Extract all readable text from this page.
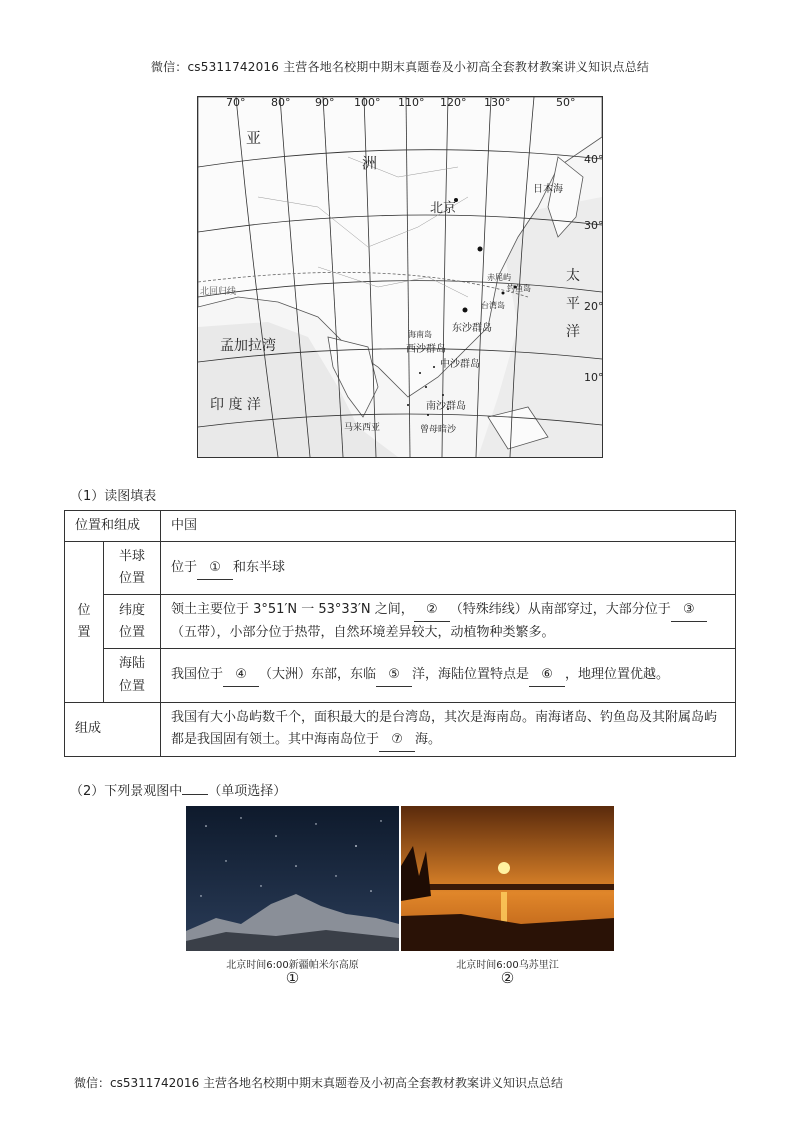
微信：cs5311742016 主营各地名校期中期末真题卷及小初高全套教材教案讲义知识点总结
70° 80° 90° 100° 110° 120° 130°	50°
40°
30°
20°
10°
亚
洲
北京
日本海
太
平
洋
北回归线
孟加拉湾
印 度 洋
东沙群岛
西沙群岛
中沙群岛
南沙群岛
赤尾屿
钓鱼岛
台湾岛
海南岛
马来西亚	曾母暗沙
（1）读图填表
位置和组成		中国
位置	半球位置	位于 ① 和东半球
	纬度位置	领土主要位于 3°51′N 一 53°33′N 之间， ② （特殊纬线）从南部穿过，大部分位于 ③（五带），小部分位于热带，自然环境差异较大，动植物种类繁多。
	海陆位置	我国位于 ④ （大洲）东部，东临 ⑤ 洋，海陆位置特点是 ⑥ ，地理位置优越。
组成		我国有大小岛屿数千个，面积最大的是台湾岛，其次是海南岛。南海诸岛、钓鱼岛及其附属岛屿都是我国固有领土。其中海南岛位于 ⑦ 海。
（2）下列景观图中 （单项选择）
北京时间6:00新疆帕米尔高原	北京时间6:00乌苏里江
①	②
微信：cs5311742016 主营各地名校期中期末真题卷及小初高全套教材教案讲义知识点总结
